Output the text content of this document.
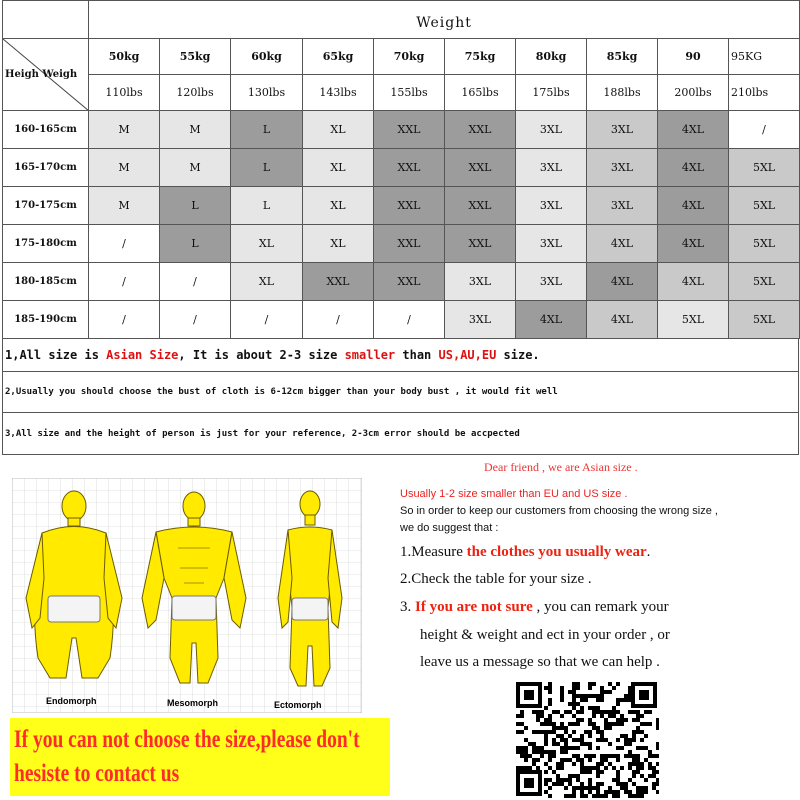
	Weight									

Heigh Weigh	50kg	55kg	60kg	65kg	70kg	75kg	80kg	85kg	90	95KG
	110lbs	120lbs	130lbs	143lbs	155lbs	165lbs	175lbs	188lbs	200lbs	210lbs
160-165cm	M	M	L	XL	XXL	XXL	3XL	3XL	4XL	/
165-170cm	M	M	L	XL	XXL	XXL	3XL	3XL	4XL	5XL
170-175cm	M	L	L	XL	XXL	XXL	3XL	3XL	4XL	5XL
175-180cm	/	L	XL	XL	XXL	XXL	3XL	4XL	4XL	5XL
180-185cm	/	/	XL	XXL	XXL	3XL	3XL	4XL	4XL	5XL
185-190cm	/	/	/	/	/	3XL	4XL	4XL	5XL	5XL
1,All size is Asian Size, It is about 2-3 size smaller than US,AU,EU size.
2,Usually you should choose the bust of cloth is 6-12cm bigger than your body bust , it would fit well
3,All size and the height of person is just for your reference, 2-3cm error should be accpected
Endomorph	Mesomorph	Ectomorph
If you can not choose the size,please don't
hesiste to contact us
Dear friend , we are Asian size .
Usually 1-2 size smaller than EU and US size .
So in order to keep our customers from choosing the wrong size ,
we do suggest that :
1.Measure the clothes you usually wear.
2.Check the table for your size .
3. If you are not sure , you can remark your
height & weight and ect in your order , or
leave us a message so that we can help .
